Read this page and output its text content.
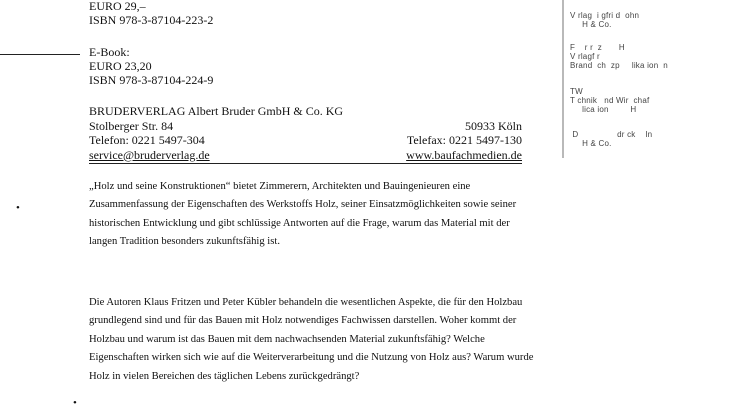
EURO 29,–
ISBN 978-3-87104-223-2
E-Book:
EURO 23,20
ISBN 978-3-87104-224-9
BRUDERVERLAG Albert Bruder GmbH & Co. KG
Stolberger Str. 84	50933 Köln
Telefon: 0221 5497-304	Telefax: 0221 5497-130
service@bruderverlag.de	www.baufachmedien.de
•
•

„Holz und seine Konstruktionen“ bietet Zimmerern, Architekten und Bauingenieuren eine Zusammenfassung der Eigenschaften des Werkstoffs Holz, seiner Einsatzmöglichkeiten sowie seiner historischen Entwicklung und gibt schlüssige Antworten auf die Frage, warum das Material mit der langen Tradition besonders zukunftsfähig ist.

Die Autoren Klaus Fritzen und Peter Kübler behandeln die wesentlichen Aspekte, die für den Holzbau grundlegend sind und für das Bauen mit Holz notwendiges Fachwissen darstellen. Woher kommt der Holzbau und warum ist das Bauen mit dem nachwachsenden Material zukunftsfähig? Welche Eigenschaften wirken sich wie auf die Weiterverarbeitung und die Nutzung von Holz aus? Warum wurde Holz in vielen Bereichen des täglichen Lebens zurückgedrängt?

V rlag  i gfri d  ohn
H & Co.
F    r r  z       H
V rlagf r
Brand  ch  zp     lika ion  n
TW
T chnik   nd Wir  chaf
lica ion         H
D                dr ck    In
H & Co.
